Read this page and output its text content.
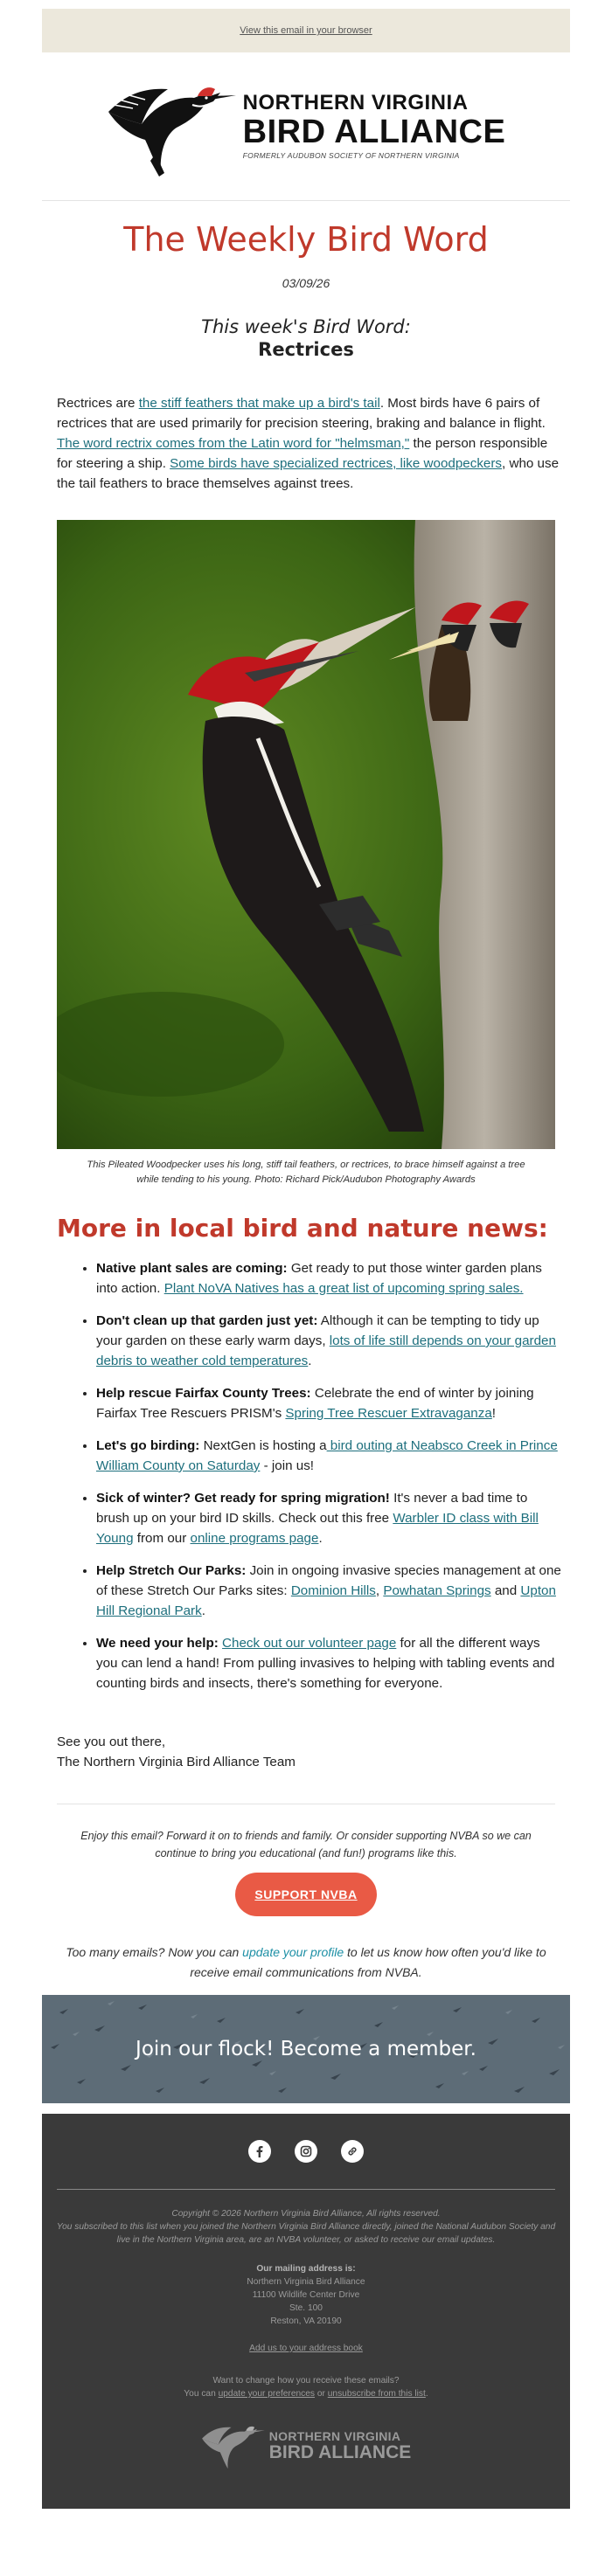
View this email in your browser
NORTHERN VIRGINIA
BIRD ALLIANCE
FORMERLY AUDUBON SOCIETY OF NORTHERN VIRGINIA
The Weekly Bird Word
03/09/26
This week's Bird Word:
Rectrices

Rectrices are the stiff feathers that make up a bird's tail. Most birds have 6 pairs of rectrices that are used primarily for precision steering, braking and balance in flight. The word rectrix comes from the Latin word for "helmsman," the person responsible for steering a ship. Some birds have specialized rectrices, like woodpeckers, who use the tail feathers to brace themselves against trees.

This Pileated Woodpecker uses his long, stiff tail feathers, or rectrices, to brace himself against a tree while tending to his young. Photo: Richard Pick/Audubon Photography Awards

More in local bird and nature news:
• Native plant sales are coming: Get ready to put those winter garden plans into action. Plant NoVA Natives has a great list of upcoming spring sales.
• Don't clean up that garden just yet: Although it can be tempting to tidy up your garden on these early warm days, lots of life still depends on your garden debris to weather cold temperatures.
• Help rescue Fairfax County Trees: Celebrate the end of winter by joining Fairfax Tree Rescuers PRISM's Spring Tree Rescuer Extravaganza!
• Let's go birding: NextGen is hosting a bird outing at Neabsco Creek in Prince William County on Saturday - join us!
• Sick of winter? Get ready for spring migration! It's never a bad time to brush up on your bird ID skills. Check out this free Warbler ID class with Bill Young from our online programs page.
• Help Stretch Our Parks: Join in ongoing invasive species management at one of these Stretch Our Parks sites: Dominion Hills, Powhatan Springs and Upton Hill Regional Park.
• We need your help: Check out our volunteer page for all the different ways you can lend a hand! From pulling invasives to helping with tabling events and counting birds and insects, there's something for everyone.
See you out there,
The Northern Virginia Bird Alliance Team

Enjoy this email? Forward it on to friends and family. Or consider supporting NVBA so we can continue to bring you educational (and fun!) programs like this.

SUPPORT NVBA

Too many emails? Now you can update your profile to let us know how often you'd like to receive email communications from NVBA.

Join our flock! Become a member.
Copyright © 2026 Northern Virginia Bird Alliance, All rights reserved.
You subscribed to this list when you joined the Northern Virginia Bird Alliance directly, joined the National Audubon Society and live in the Northern Virginia area, are an NVBA volunteer, or asked to receive our email updates.
Our mailing address is:
Northern Virginia Bird Alliance
11100 Wildlife Center Drive
Ste. 100
Reston, VA 20190
Add us to your address book
Want to change how you receive these emails?
You can update your preferences or unsubscribe from this list.
NORTHERN VIRGINIA
BIRD ALLIANCE
